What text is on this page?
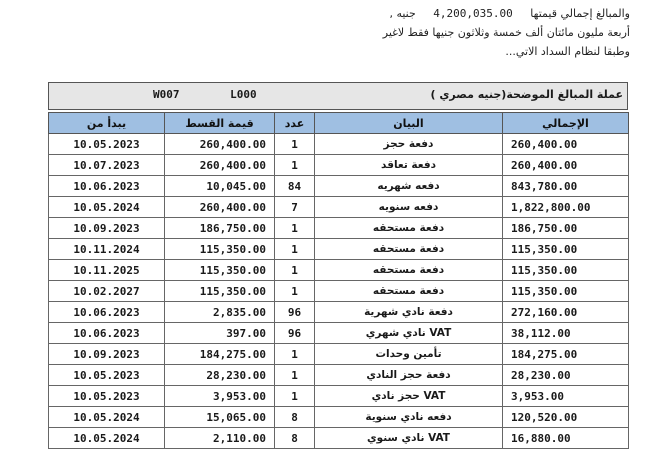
والمبالغ إجمالي قيمتها 4,200,035.00 جنيه ,
أربعة مليون مائتان ألف خمسة وثلاثون جنيها فقط لاغير
وطبقا لنظام السداد الاتي...
W007	L000	عملة المبالغ الموضحة(جنيه مصري )
يبدأ من	قيمة القسط	عدد	البيان	الإجمالي
10.05.2023	260,400.00	1	دفعة حجز	260,400.00
10.07.2023	260,400.00	1	دفعة تعاقد	260,400.00
10.06.2023	10,045.00	84	دفعه شهريه	843,780.00
10.05.2024	260,400.00	7	دفعه سنويه	1,822,800.00
10.09.2023	186,750.00	1	دفعة مستحقه	186,750.00
10.11.2024	115,350.00	1	دفعة مستحقه	115,350.00
10.11.2025	115,350.00	1	دفعة مستحقه	115,350.00
10.02.2027	115,350.00	1	دفعة مستحقه	115,350.00
10.06.2023	2,835.00	96	دفعة نادي شهرية	272,160.00
10.06.2023	397.00	96	VAT نادي شهري	38,112.00
10.09.2023	184,275.00	1	تأمين وحدات	184,275.00
10.05.2023	28,230.00	1	دفعة حجز النادي	28,230.00
10.05.2023	3,953.00	1	VAT حجز نادي	3,953.00
10.05.2024	15,065.00	8	دفعه نادي سنوية	120,520.00
10.05.2024	2,110.00	8	VAT نادي سنوي	16,880.00
